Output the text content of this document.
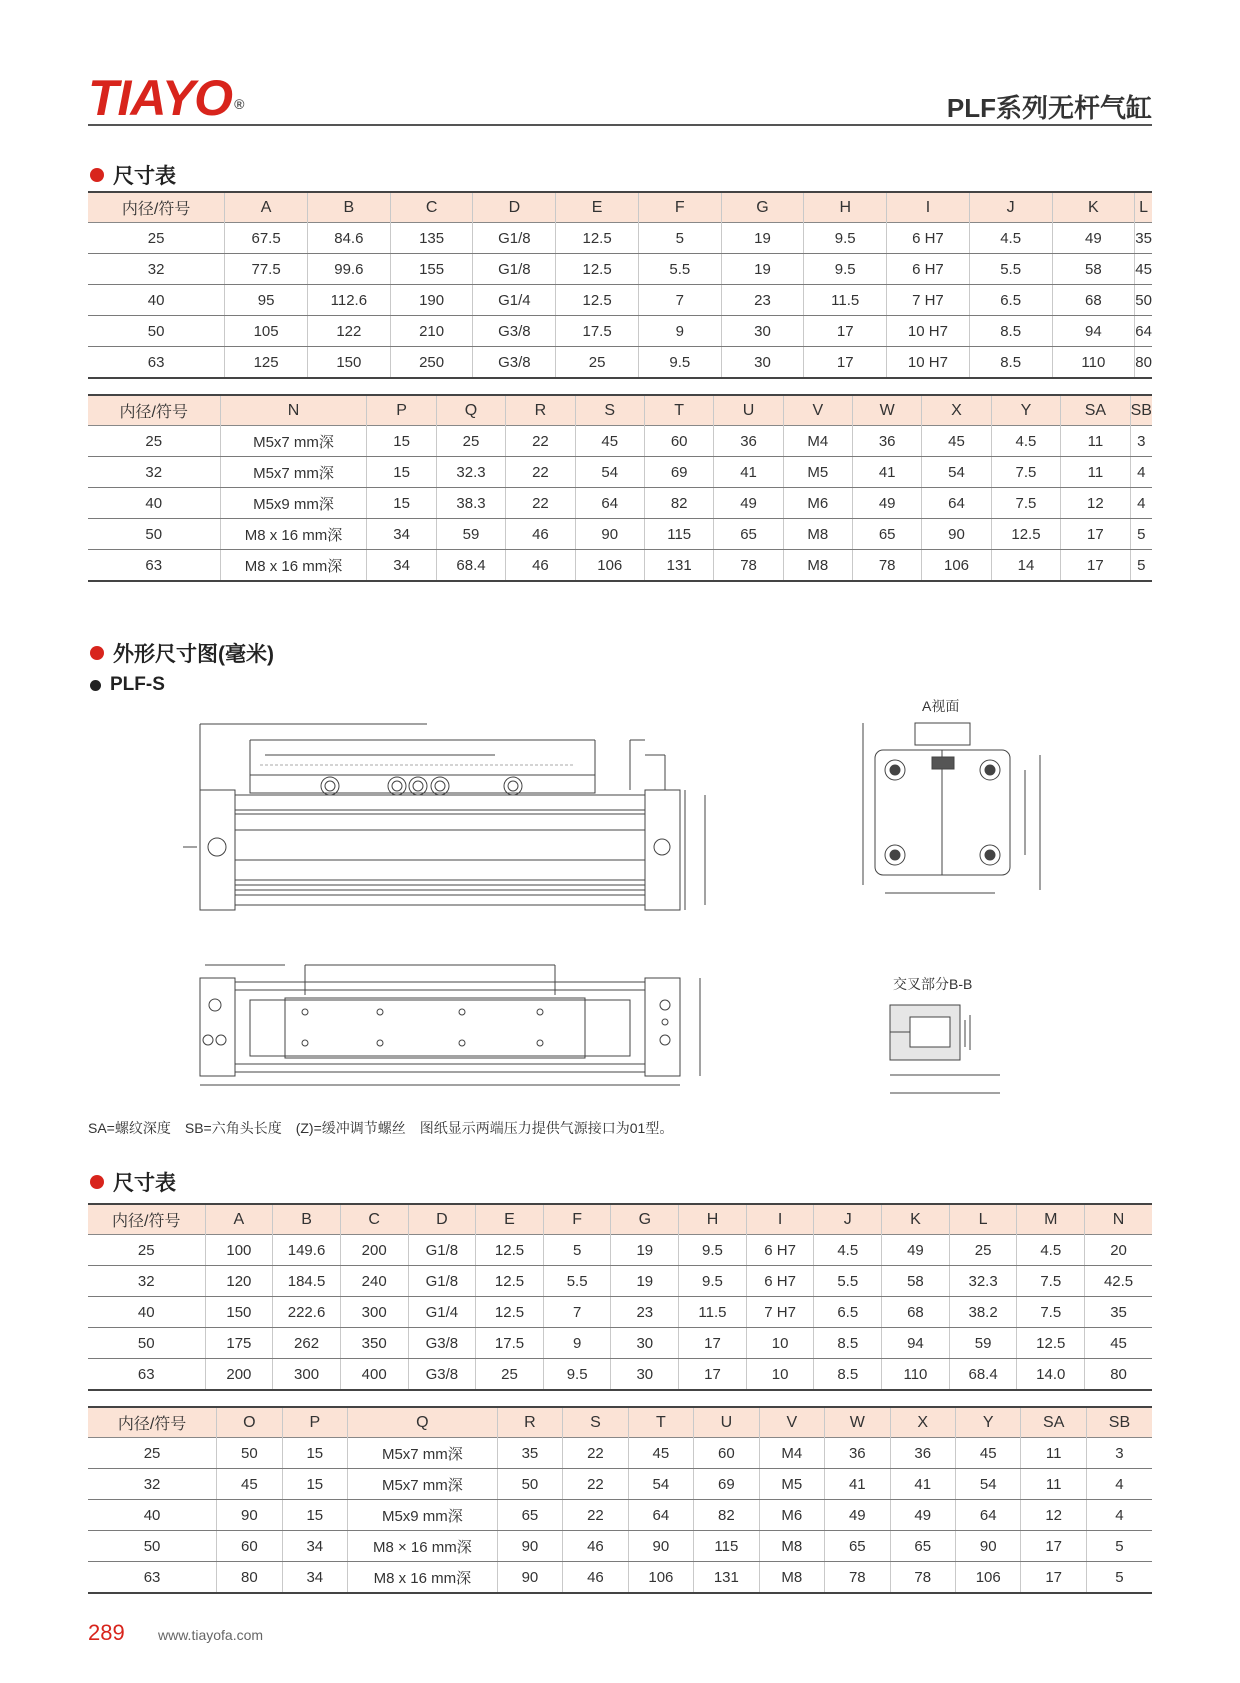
TIAYO ®	PLF系列无杆气缸
尺寸表
内径/符号	A	B	C	D	E	F	G	H	I	J	K	L
25	67.5	84.6	135	G1/8	12.5	5	19	9.5	6 H7	4.5	49	35
32	77.5	99.6	155	G1/8	12.5	5.5	19	9.5	6 H7	5.5	58	45
40	95	112.6	190	G1/4	12.5	7	23	11.5	7 H7	6.5	68	50
50	105	122	210	G3/8	17.5	9	30	17	10 H7	8.5	94	64
63	125	150	250	G3/8	25	9.5	30	17	10 H7	8.5	110	80
内径/符号	N	P	Q	R	S	T	U	V	W	X	Y	SA	SB
25	M5x7 mm深	15	25	22	45	60	36	M4	36	45	4.5	11	3
32	M5x7 mm深	15	32.3	22	54	69	41	M5	41	54	7.5	11	4
40	M5x9 mm深	15	38.3	22	64	82	49	M6	49	64	7.5	12	4
50	M8 x 16 mm深	34	59	46	90	115	65	M8	65	90	12.5	17	5
63	M8 x 16 mm深	34	68.4	46	106	131	78	M8	78	106	14	17	5
外形尺寸图(毫米)
PLF-S
A视面
交叉部分B-B
SA=螺纹深度　SB=六角头长度　(Z)=缓冲调节螺丝　图纸显示两端压力提供气源接口为01型。
尺寸表
内径/符号	A	B	C	D	E	F	G	H	I	J	K	L	M	N
25	100	149.6	200	G1/8	12.5	5	19	9.5	6 H7	4.5	49	25	4.5	20
32	120	184.5	240	G1/8	12.5	5.5	19	9.5	6 H7	5.5	58	32.3	7.5	42.5
40	150	222.6	300	G1/4	12.5	7	23	11.5	7 H7	6.5	68	38.2	7.5	35
50	175	262	350	G3/8	17.5	9	30	17	10	8.5	94	59	12.5	45
63	200	300	400	G3/8	25	9.5	30	17	10	8.5	110	68.4	14.0	80
内径/符号	O	P	Q	R	S	T	U	V	W	X	Y	SA	SB
25	50	15	M5x7 mm深	35	22	45	60	M4	36	36	45	11	3
32	45	15	M5x7 mm深	50	22	54	69	M5	41	41	54	11	4
40	90	15	M5x9 mm深	65	22	64	82	M6	49	49	64	12	4
50	60	34	M8 × 16 mm深	90	46	90	115	M8	65	65	90	17	5
63	80	34	M8 x 16 mm深	90	46	106	131	M8	78	78	106	17	5
289 www.tiayofa.com
